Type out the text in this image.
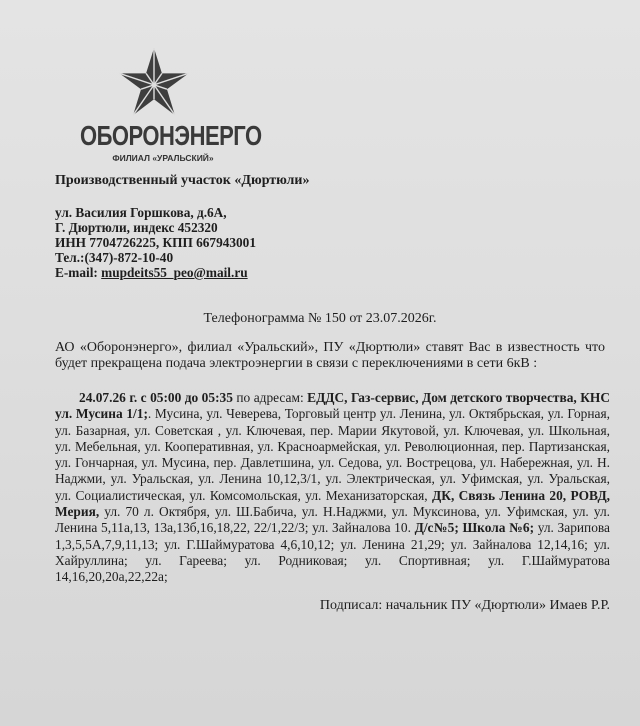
ОБОРОНЭНЕРГО
ФИЛИАЛ «УРАЛЬСКИЙ»
Производственный участок «Дюртюли»
ул. Василия Горшкова, д.6А,
Г. Дюртюли, индекс 452320
ИНН 7704726225, КПП 667943001
Тел.:(347)-872-10-40
E-mail: mupdeits55_peo@mail.ru
Телефонограмма № 150 от 23.07.2026г.
АО «Оборонэнерго», филиал «Уральский», ПУ «Дюртюли» ставят Вас в известность что будет прекращена подача электроэнергии в связи с переключениями в сети 6кВ :
24.07.26 г. с 05:00 до 05:35 по адресам: ЕДДС, Газ-сервис, Дом детского творчества, КНС ул. Мусина 1/1;. Мусина, ул. Чеверева, Торговый центр ул. Ленина, ул. Октябрьская, ул. Горная, ул. Базарная, ул. Советская , ул. Ключевая, пер. Марии Якутовой, ул. Ключевая, ул. Школьная, ул. Мебельная, ул. Кооперативная, ул. Красноармейская, ул. Революционная, пер. Партизанская, ул. Гончарная, ул. Мусина, пер. Давлетшина, ул. Седова, ул. Вострецова, ул. Набережная, ул. Н. Наджми, ул. Уральская, ул. Ленина 10,12,3/1, ул. Электрическая, ул. Уфимская, ул. Уральская, ул. Социалистическая, ул. Комсомольская, ул. Механизаторская, ДК, Связь Ленина 20, РОВД, Мерия, ул. 70 л. Октября, ул. Ш.Бабича, ул. Н.Наджми, ул. Муксинова, ул. Уфимская, ул. ул. Ленина 5,11а,13, 13а,13б,16,18,22, 22/1,22/3; ул. Зайналова 10. Д/с№5; Школа №6; ул. Зарипова 1,3,5,5А,7,9,11,13; ул. Г.Шаймуратова 4,6,10,12; ул. Ленина 21,29; ул. Зайналова 12,14,16; ул. Хайруллина; ул. Гареева; ул. Родниковая; ул. Спортивная; ул. Г.Шаймуратова 14,16,20,20а,22,22а;
Подписал: начальник ПУ «Дюртюли» Имаев Р.Р.
